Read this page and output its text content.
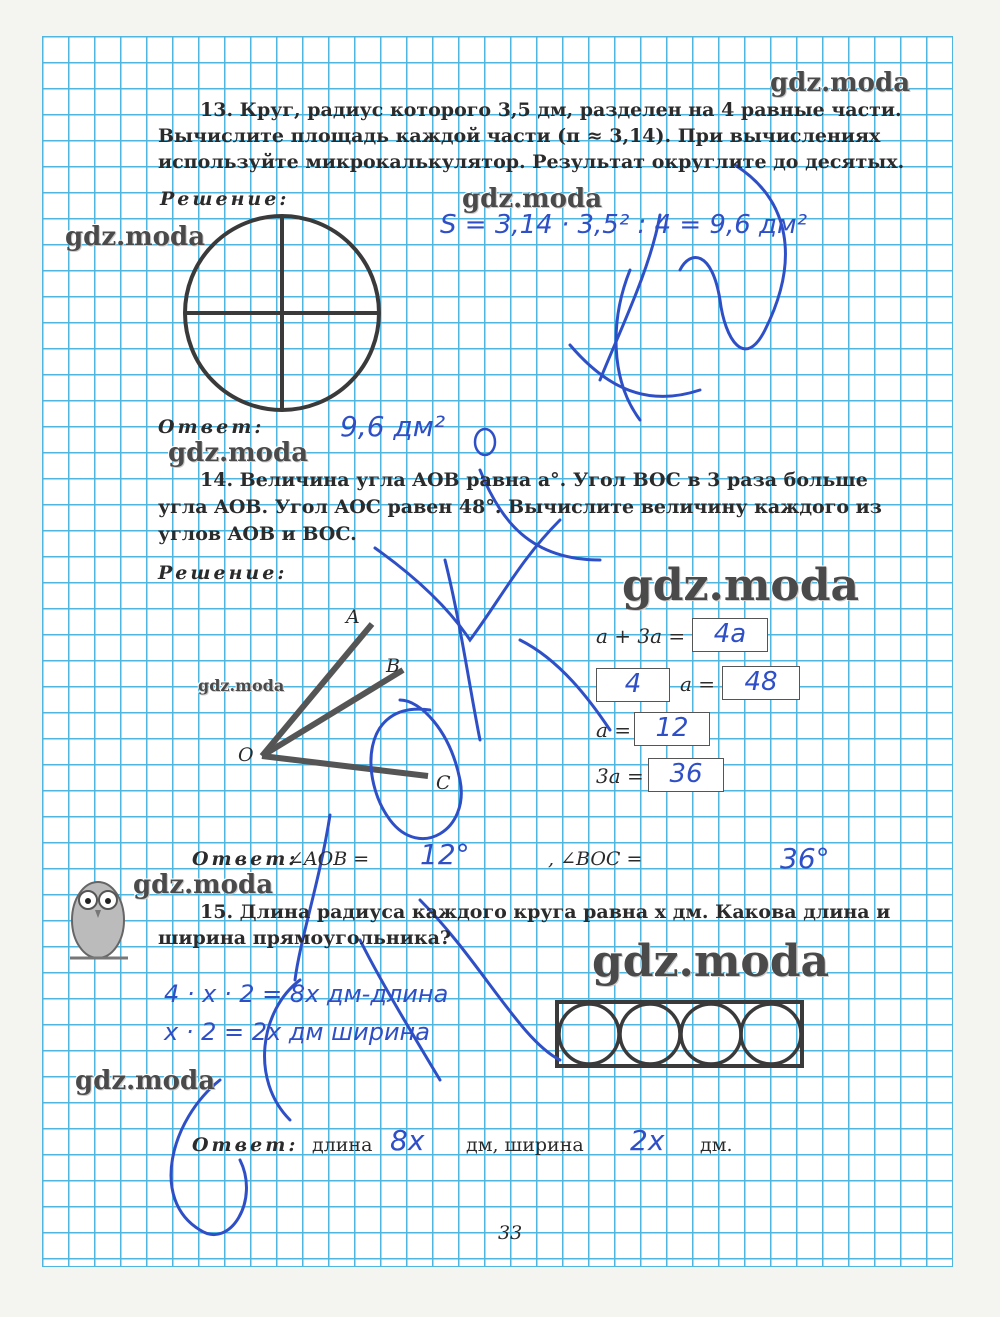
gdz.moda
gdz.moda
gdz.moda
gdz.moda
gdz.moda
gdz.moda
gdz.moda
gdz.moda
gdz.moda
13. Круг, радиус которого 3,5 дм, разделен на 4 равные части.
Вычислите площадь каждой части (π ≈ 3,14). При вычислениях
используйте микрокалькулятор. Результат округлите до десятых.
Решение:
S = 3,14 · 3,5² : 4 = 9,6 дм²
Ответ:	9,6 дм²
14. Величина угла AOB равна a°. Угол BOC в 3 раза больше
угла AOB. Угол AOC равен 48°. Вычислите величину каждого из
углов AOB и BOC.
Решение:
A
B
O
C
a + 3a =	4a
4	a =	48
a = 12
3a = 36
Ответ:
∠AOB = 12°	, ∠BOC =	36°
15. Длина радиуса каждого круга равна x дм. Какова длина и
ширина прямоугольника?
4 · x · 2 = 8x дм-длина
x · 2 = 2x дм ширина
Ответ: длина 8x дм, ширина 2x дм.
33
